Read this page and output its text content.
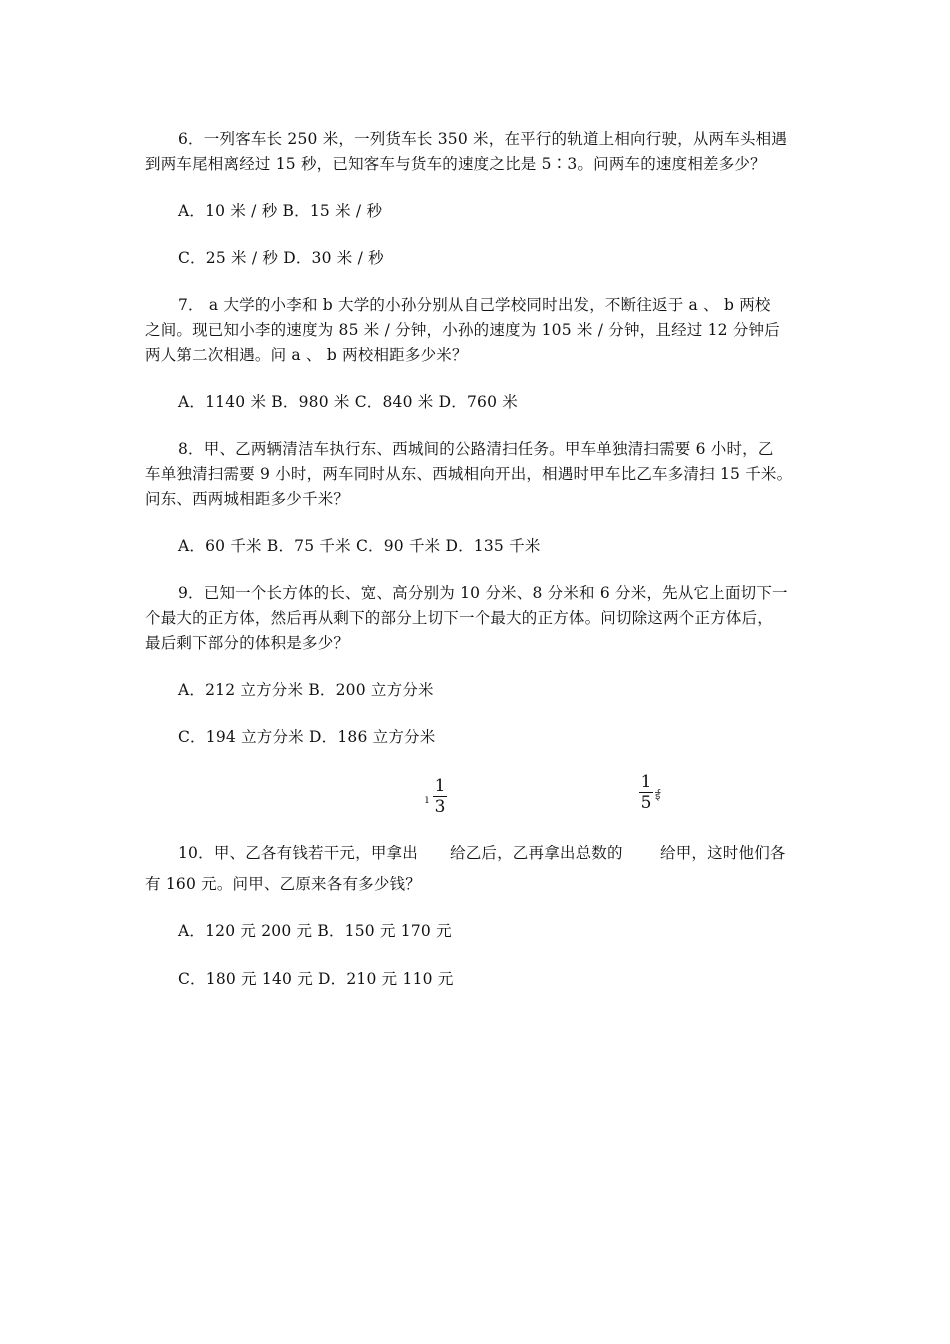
6．一列客车长 250 米，一列货车长 350 米，在平行的轨道上相向行驶，从两车头相遇
到两车尾相离经过 15 秒，已知客车与货车的速度之比是 5∶3。问两车的速度相差多少？
A．10 米 / 秒 B．15 米 / 秒
C．25 米 / 秒 D．30 米 / 秒
7． a 大学的小李和 b 大学的小孙分别从自己学校同时出发，不断往返于 a 、 b 两校
之间。现已知小李的速度为 85 米 / 分钟，小孙的速度为 105 米 / 分钟，且经过 12 分钟后
两人第二次相遇。问 a 、 b 两校相距多少米？
A．1140 米 B．980 米 C．840 米 D．760 米
8．甲、乙两辆清洁车执行东、西城间的公路清扫任务。甲车单独清扫需要 6 小时，乙
车单独清扫需要 9 小时，两车同时从东、西城相向开出，相遇时甲车比乙车多清扫 15 千米。
问东、西两城相距多少千米？
A．60 千米 B．75 千米 C．90 千米 D．135 千米
9．已知一个长方体的长、宽、高分别为 10 分米、8 分米和 6 分米，先从它上面切下一
个最大的正方体，然后再从剩下的部分上切下一个最大的正方体。问切除这两个正方体后，
最后剩下部分的体积是多少？
A．212 立方分米 B．200 立方分米
C．194 立方分米 D．186 立方分米
ı
1
3
1
5 ई
10．甲、乙各有钱若干元，甲拿出 给乙后，乙再拿出总数的 给甲，这时他们各
有 160 元。问甲、乙原来各有多少钱？
A．120 元 200 元 B．150 元 170 元
C．180 元 140 元 D．210 元 110 元
